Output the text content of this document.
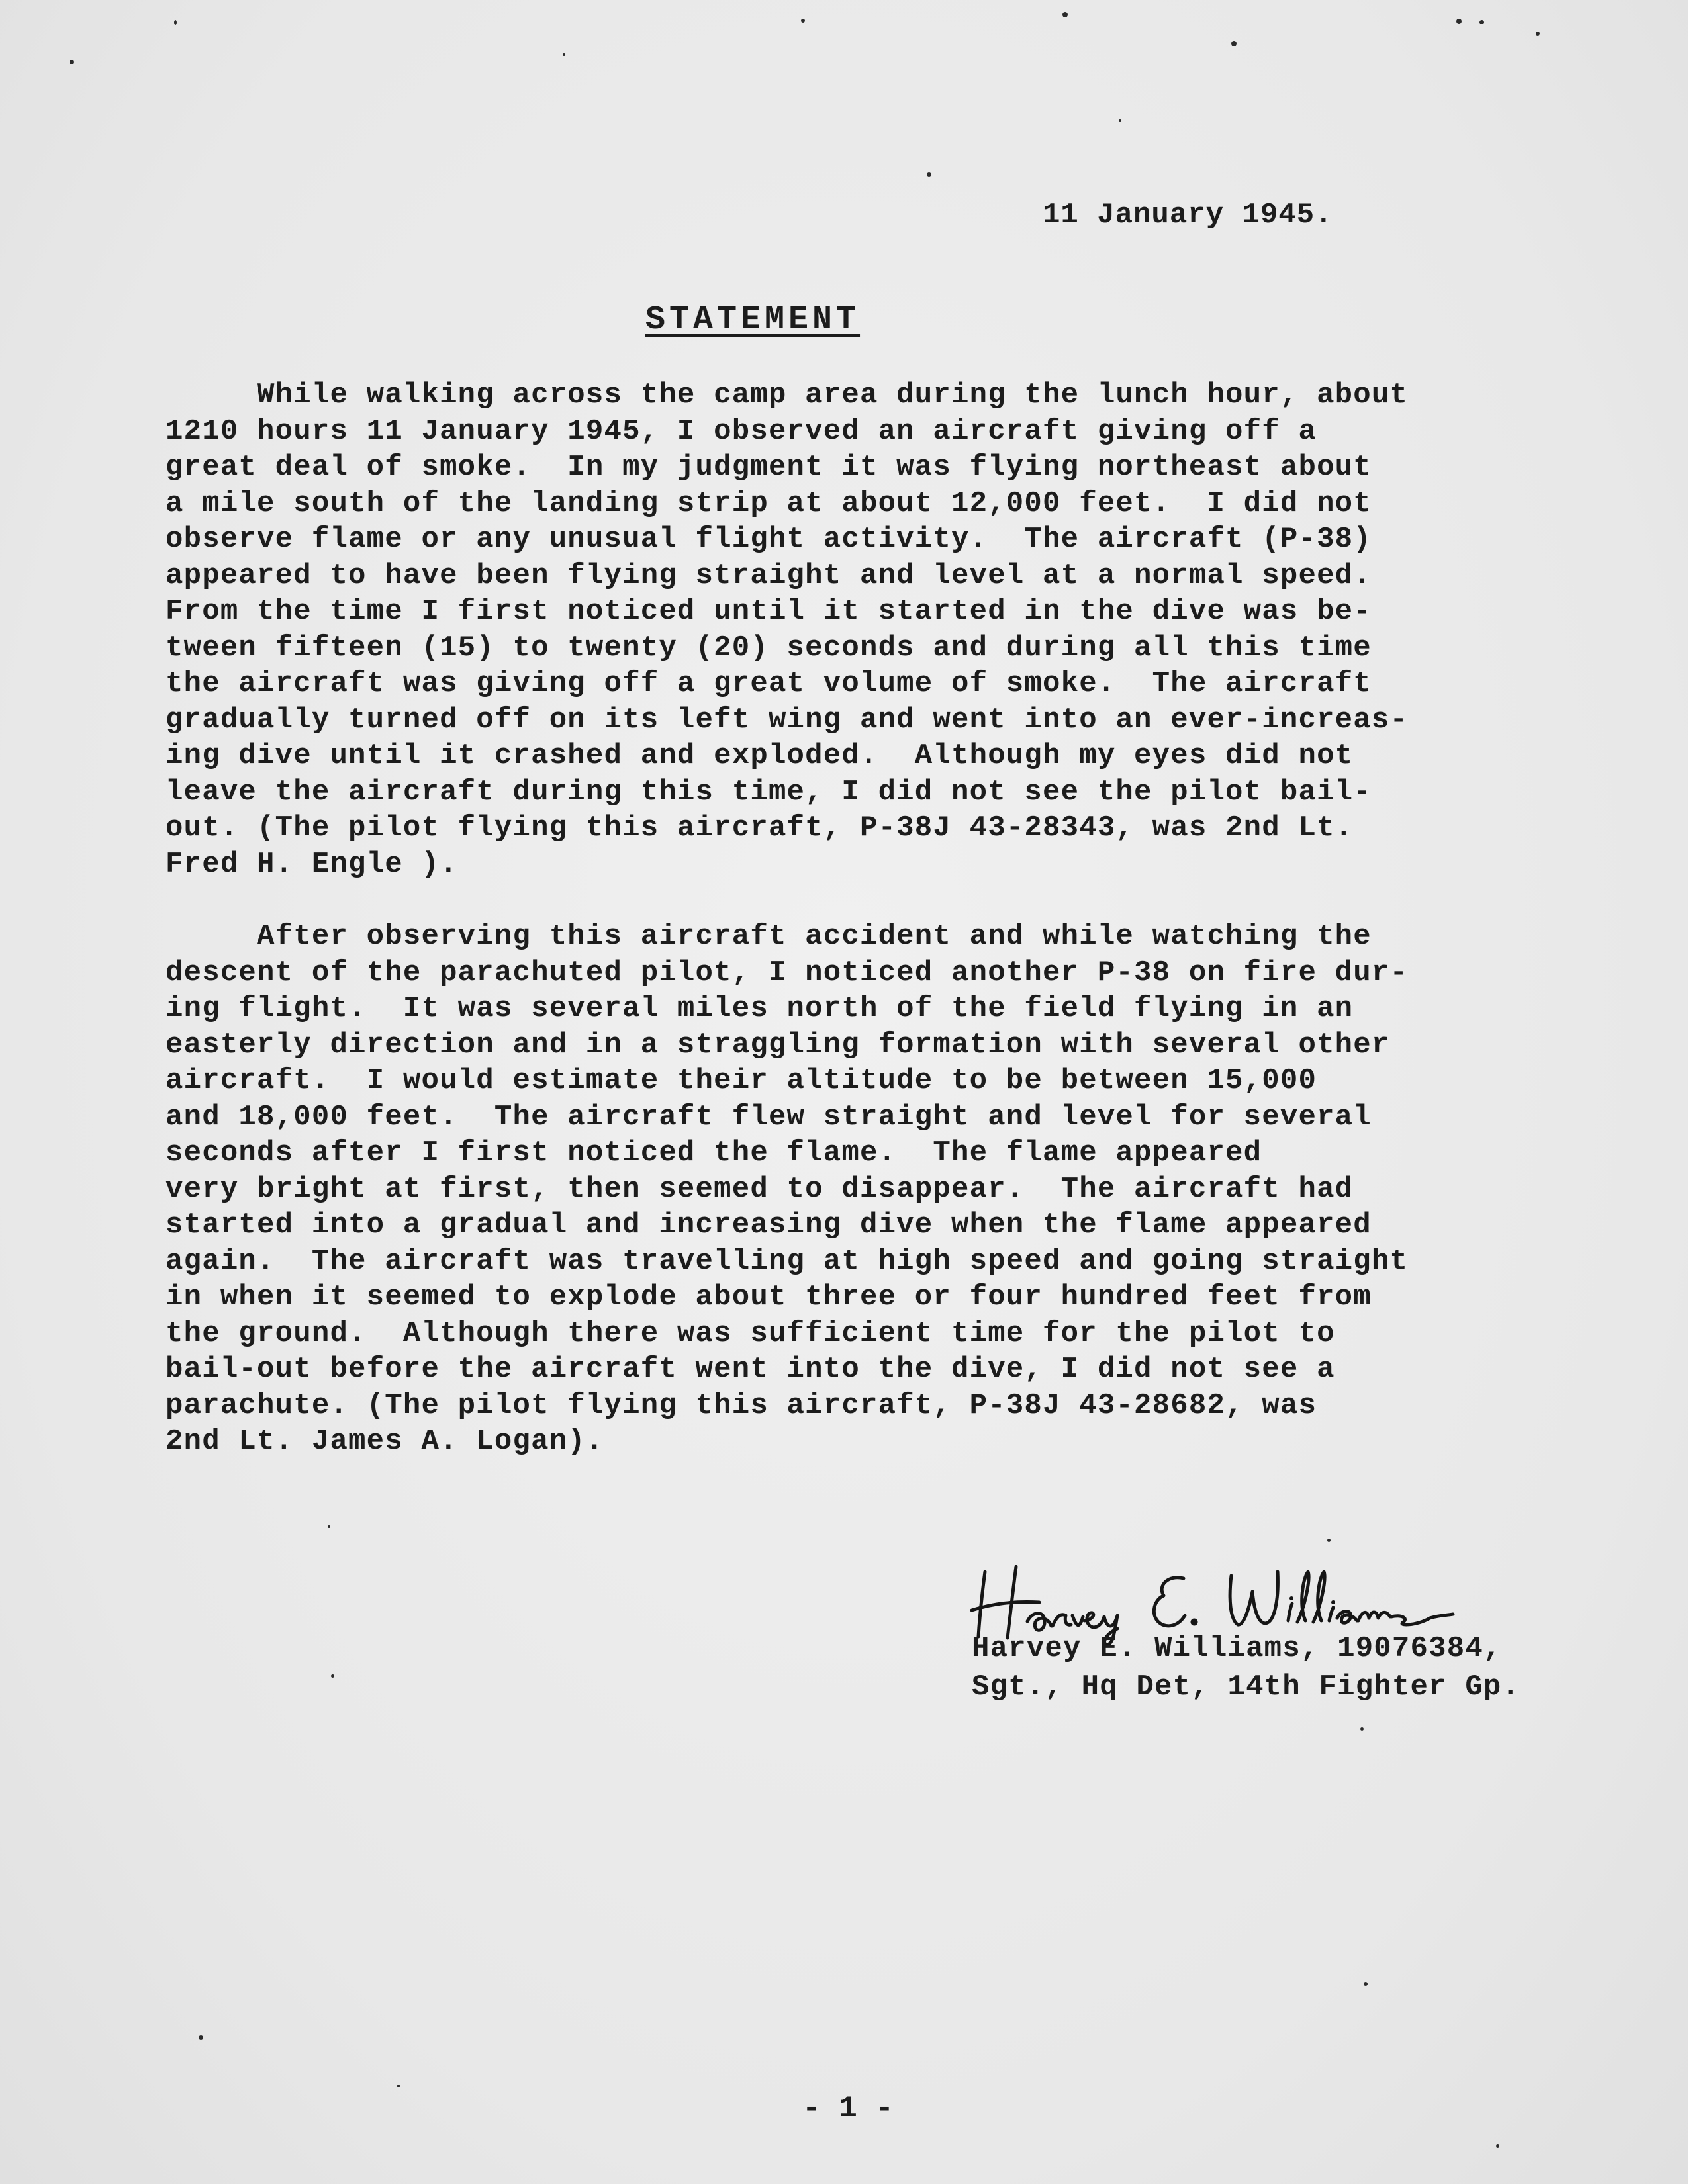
11 January 1945.
STATEMENT
While walking across the camp area during the lunch hour, about
1210 hours 11 January 1945, I observed an aircraft giving off a
great deal of smoke.  In my judgment it was flying northeast about
a mile south of the landing strip at about 12,000 feet.  I did not
observe flame or any unusual flight activity.  The aircraft (P-38)
appeared to have been flying straight and level at a normal speed.
From the time I first noticed until it started in the dive was be-
tween fifteen (15) to twenty (20) seconds and during all this time
the aircraft was giving off a great volume of smoke.  The aircraft
gradually turned off on its left wing and went into an ever-increas-
ing dive until it crashed and exploded.  Although my eyes did not
leave the aircraft during this time, I did not see the pilot bail-
out. (The pilot flying this aircraft, P-38J 43-28343, was 2nd Lt.
Fred H. Engle ).
After observing this aircraft accident and while watching the
descent of the parachuted pilot, I noticed another P-38 on fire dur-
ing flight.  It was several miles north of the field flying in an
easterly direction and in a straggling formation with several other
aircraft.  I would estimate their altitude to be between 15,000
and 18,000 feet.  The aircraft flew straight and level for several
seconds after I first noticed the flame.  The flame appeared
very bright at first, then seemed to disappear.  The aircraft had
started into a gradual and increasing dive when the flame appeared
again.  The aircraft was travelling at high speed and going straight
in when it seemed to explode about three or four hundred feet from
the ground.  Although there was sufficient time for the pilot to
bail-out before the aircraft went into the dive, I did not see a
parachute. (The pilot flying this aircraft, P-38J 43-28682, was
2nd Lt. James A. Logan).
Harvey E. Williams, 19076384,
Sgt., Hq Det, 14th Fighter Gp.
- 1 -
